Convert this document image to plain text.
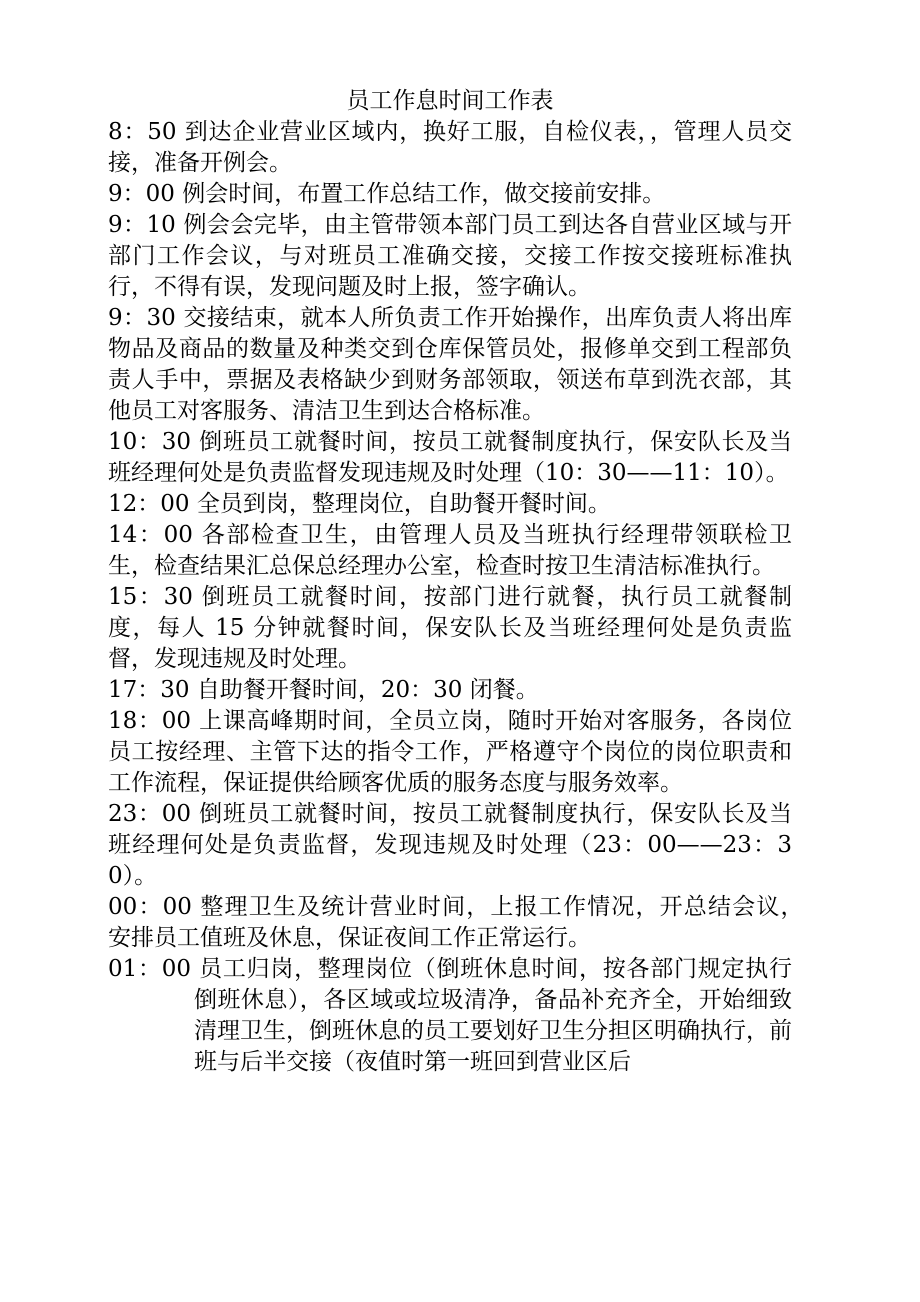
员工作息时间工作表

8：50 到达企业营业区域内，换好工服，自检仪表，，管理人员交接，准备开例会。

9：00 例会时间，布置工作总结工作，做交接前安排。

9：10 例会会完毕，由主管带领本部门员工到达各自营业区域与开部门工作会议，与对班员工准确交接，交接工作按交接班标准执行，不得有误，发现问题及时上报，签字确认。

9：30 交接结束，就本人所负责工作开始操作，出库负责人将出库物品及商品的数量及种类交到仓库保管员处，报修单交到工程部负责人手中，票据及表格缺少到财务部领取，领送布草到洗衣部，其他员工对客服务、清洁卫生到达合格标准。

10：30 倒班员工就餐时间，按员工就餐制度执行，保安队长及当班经理何处是负责监督发现违规及时处理（10：30——11：10）。

12：00 全员到岗，整理岗位，自助餐开餐时间。

14：00 各部检查卫生，由管理人员及当班执行经理带领联检卫生，检查结果汇总保总经理办公室，检查时按卫生清洁标准执行。

15：30 倒班员工就餐时间，按部门进行就餐，执行员工就餐制度，每人 15 分钟就餐时间，保安队长及当班经理何处是负责监　督，发现违规及时处理。

17：30 自助餐开餐时间，20：30 闭餐。

18：00 上课高峰期时间，全员立岗，随时开始对客服务，各岗位员工按经理、主管下达的指令工作，严格遵守个岗位的岗位职责和工作流程，保证提供给顾客优质的服务态度与服务效率。

23：00 倒班员工就餐时间，按员工就餐制度执行，保安队长及当班经理何处是负责监督，发现违规及时处理（23：00——23：30）。

00：00 整理卫生及统计营业时间，上报工作情况，开总结会议，　安排员工值班及休息，保证夜间工作正常运行。

01：00 员工归岗，整理岗位（倒班休息时间，按各部门规定执行倒班休息），各区域或垃圾清净，备品补充齐全，开始细致清理卫生，倒班休息的员工要划好卫生分担区明确执行，前班与后半交接（夜值时第一班回到营业区后
